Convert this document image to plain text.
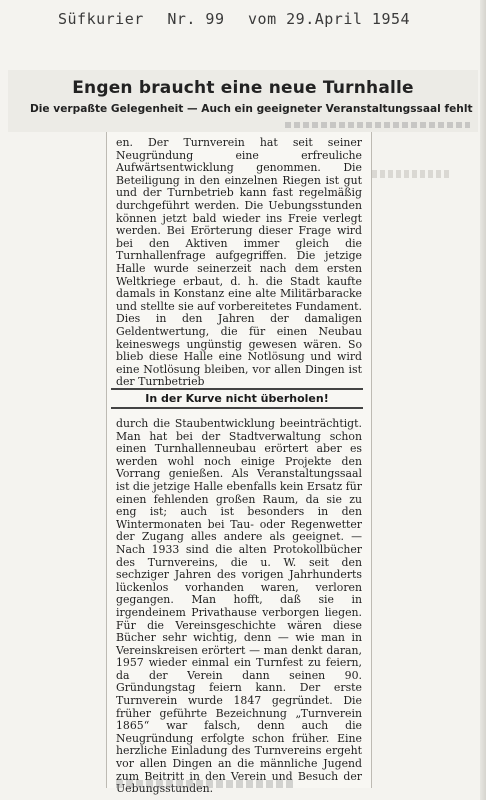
Süfkurier Nr. 99 vom 29.April 1954
Engen braucht eine neue Turnhalle
Die verpaßte Gelegenheit — Auch ein geeigneter Veranstaltungssaal fehlt

en. Der Turnverein hat seit seiner Neugründung eine erfreuliche Aufwärtsentwicklung genommen. Die Beteiligung in den einzelnen Riegen ist gut und der Turnbetrieb kann fast regelmäßig durchgeführt werden. Die Uebungsstunden können jetzt bald wieder ins Freie verlegt werden. Bei Erörterung dieser Frage wird bei den Aktiven immer gleich die Turnhallenfrage aufgegriffen. Die jetzige Halle wurde seinerzeit nach dem ersten Weltkriege erbaut, d. h. die Stadt kaufte damals in Konstanz eine alte Militärbaracke und stellte sie auf vorbereitetes Fundament. Dies in den Jahren der damaligen Geldentwertung, die für einen Neubau keineswegs ungünstig gewesen wären. So blieb diese Halle eine Notlösung und wird eine Notlösung bleiben, vor allen Dingen ist der Turnbetrieb

In der Kurve nicht überholen!

durch die Staubentwicklung beeinträchtigt. Man hat bei der Stadtverwaltung schon einen Turnhallenneubau erörtert aber es werden wohl noch einige Projekte den Vorrang genießen. Als Veranstaltungssaal ist die jetzige Halle ebenfalls kein Ersatz für einen fehlenden großen Raum, da sie zu eng ist; auch ist besonders in den Wintermonaten bei Tau- oder Regenwetter der Zugang alles andere als geeignet. — Nach 1933 sind die alten Protokollbücher des Turnvereins, die u. W. seit den sechziger Jahren des vorigen Jahrhunderts lückenlos vorhanden waren, verloren gegangen. Man hofft, daß sie in irgendeinem Privathause verborgen liegen. Für die Vereinsgeschichte wären diese Bücher sehr wichtig, denn — wie man in Vereinskreisen erörtert — man denkt daran, 1957 wieder einmal ein Turnfest zu feiern, da der Verein dann seinen 90. Gründungstag feiern kann. Der erste Turnverein wurde 1847 gegründet. Die früher geführte Bezeichnung „Turnverein 1865“ war falsch, denn auch die Neugründung erfolgte schon früher. Eine herzliche Einladung des Turnvereins ergeht vor allen Dingen an die männliche Jugend zum Beitritt in den Verein und Besuch der Uebungsstunden.
